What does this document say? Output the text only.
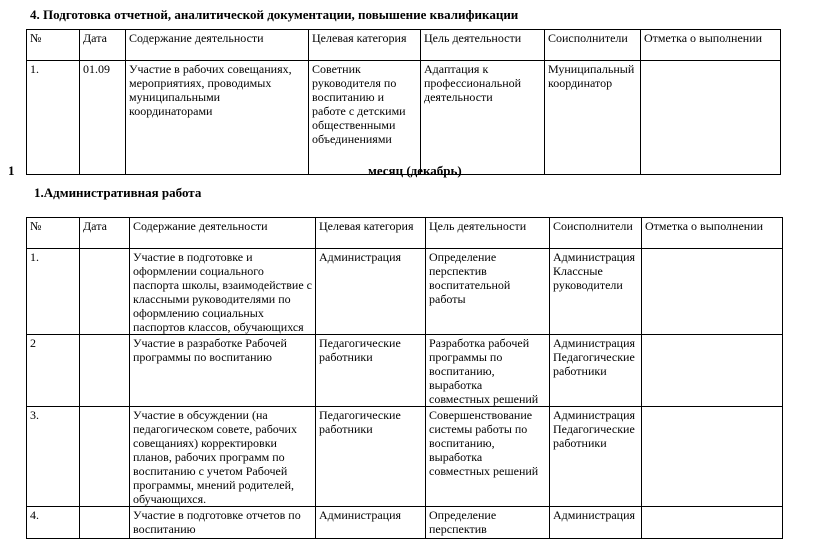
4. Подготовка отчетной, аналитической документации, повышение квалификации
№	Дата	Содержание деятельности	Целевая категория	Цель деятельности	Соисполнители	Отметка о выполнении
1.	01.09	Участие в рабочих совещаниях, мероприятиях, проводимых муниципальными координаторами	Советник руководителя по воспитанию и работе с детскими общественными объединениями	Адаптация к профессиональной деятельности	Муниципальный координатор	
1	месяц (декабрь)
1.Административная работа
№	Дата	Содержание деятельности	Целевая категория	Цель деятельности	Соисполнители	Отметка о выполнении
1.		Участие в подготовке и оформлении социального паспорта школы, взаимодействие с классными руководителями по оформлению социальных паспортов классов, обучающихся	Администрация	Определение перспектив воспитательной работы	Администрация Классные руководители	
2		Участие в разработке Рабочей программы по воспитанию	Педагогические работники	Разработка рабочей программы по воспитанию, выработка совместных решений	Администрация Педагогические работники	
3.		Участие в обсуждении (на педагогическом совете, рабочих совещаниях) корректировки планов, рабочих программ по воспитанию с учетом Рабочей программы, мнений родителей, обучающихся.	Педагогические работники	Совершенствование системы работы по воспитанию, выработка совместных решений	Администрация Педагогические работники	
4.		Участие в подготовке отчетов по воспитанию	Администрация	Определение перспектив	Администрация	
